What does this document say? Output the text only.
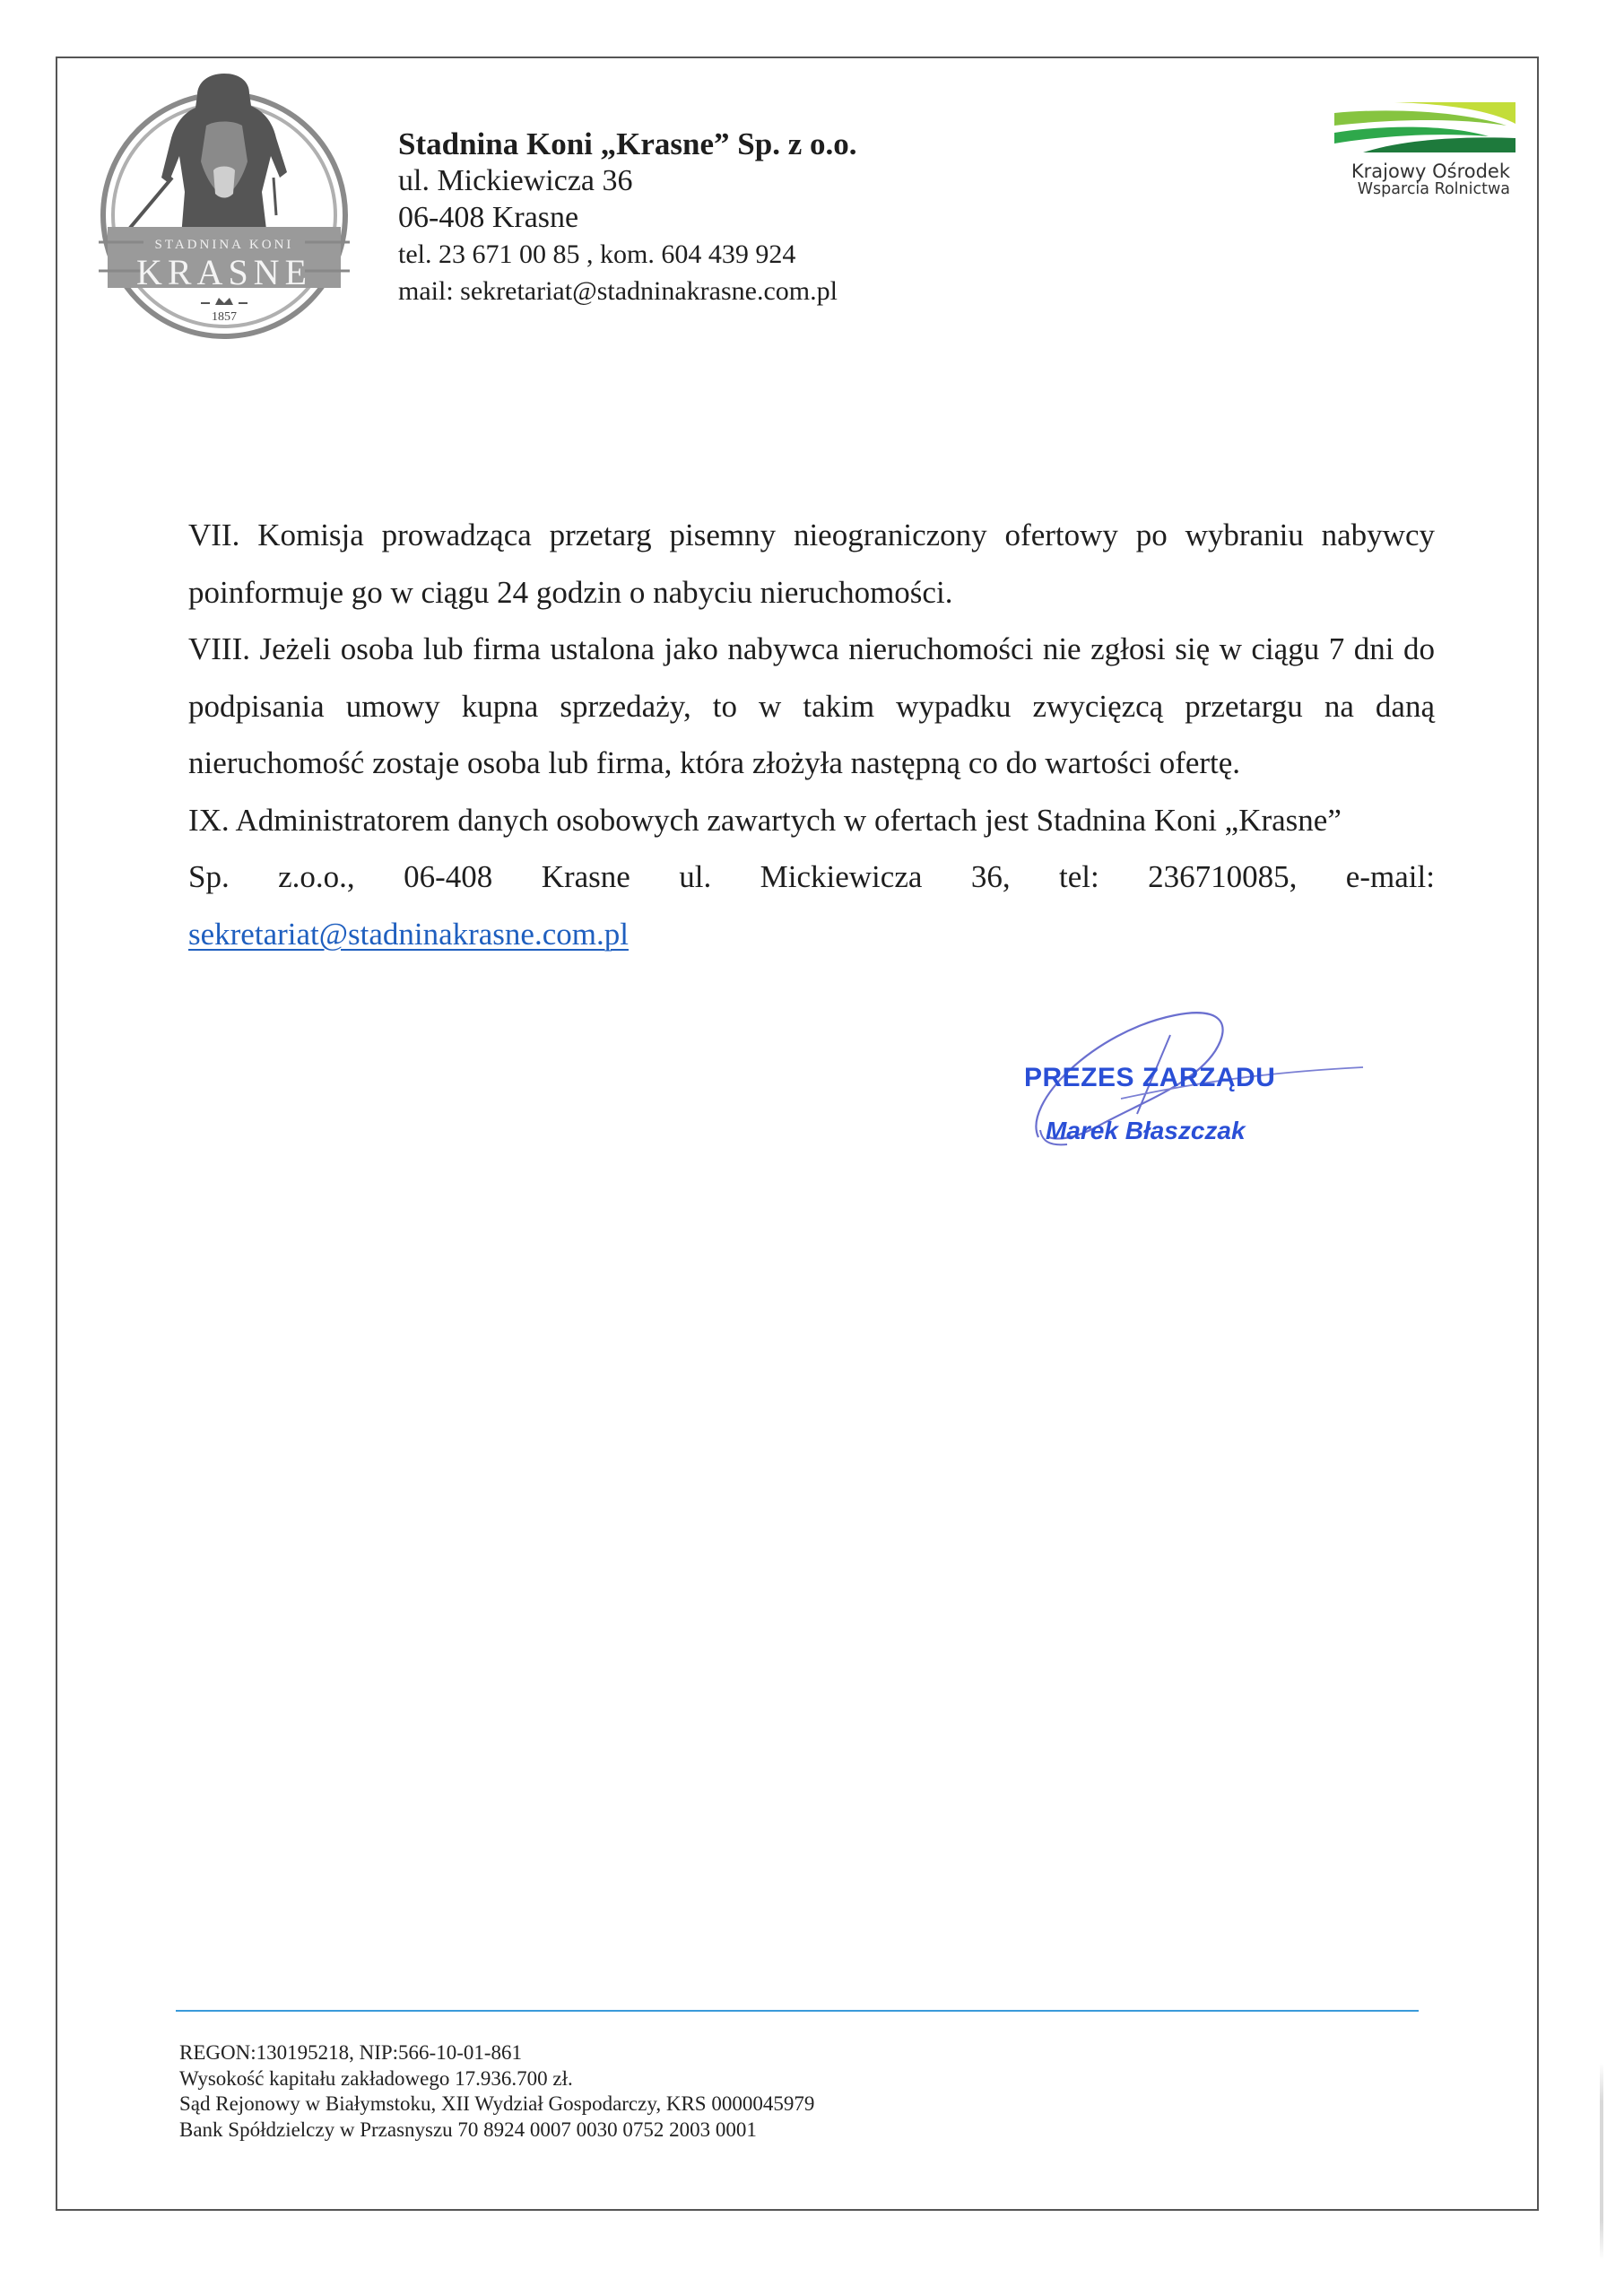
STADNINA KONI
KRASNE
1857
Stadnina Koni „Krasne” Sp. z o.o.
ul. Mickiewicza 36
06-408 Krasne
tel. 23 671 00 85 , kom. 604 439 924
mail: sekretariat@stadninakrasne.com.pl
Krajowy Ośrodek
Wsparcia Rolnictwa

VII. Komisja prowadząca przetarg pisemny nieograniczony ofertowy po wybraniu nabywcy poinformuje go w ciągu 24 godzin o nabyciu nieruchomości.

VIII. Jeżeli osoba lub firma ustalona jako nabywca nieruchomości nie zgłosi się w ciągu 7 dni do podpisania umowy kupna sprzedaży, to w takim wypadku zwycięzcą przetargu na daną nieruchomość zostaje osoba lub firma, która złożyła następną co do wartości ofertę.

IX. Administratorem danych osobowych zawartych w ofertach jest Stadnina Koni „Krasne”

Sp. z.o.o., 06-408 Krasne ul. Mickiewicza 36, tel: 236710085, e-mail:
sekretariat@stadninakrasne.com.pl
PREZES ZARZĄDU
Marek Błaszczak
REGON:130195218, NIP:566-10-01-861
Wysokość kapitału zakładowego 17.936.700 zł.
Sąd Rejonowy w Białymstoku, XII Wydział Gospodarczy, KRS 0000045979
Bank Spółdzielczy w Przasnyszu 70 8924 0007 0030 0752 2003 0001
